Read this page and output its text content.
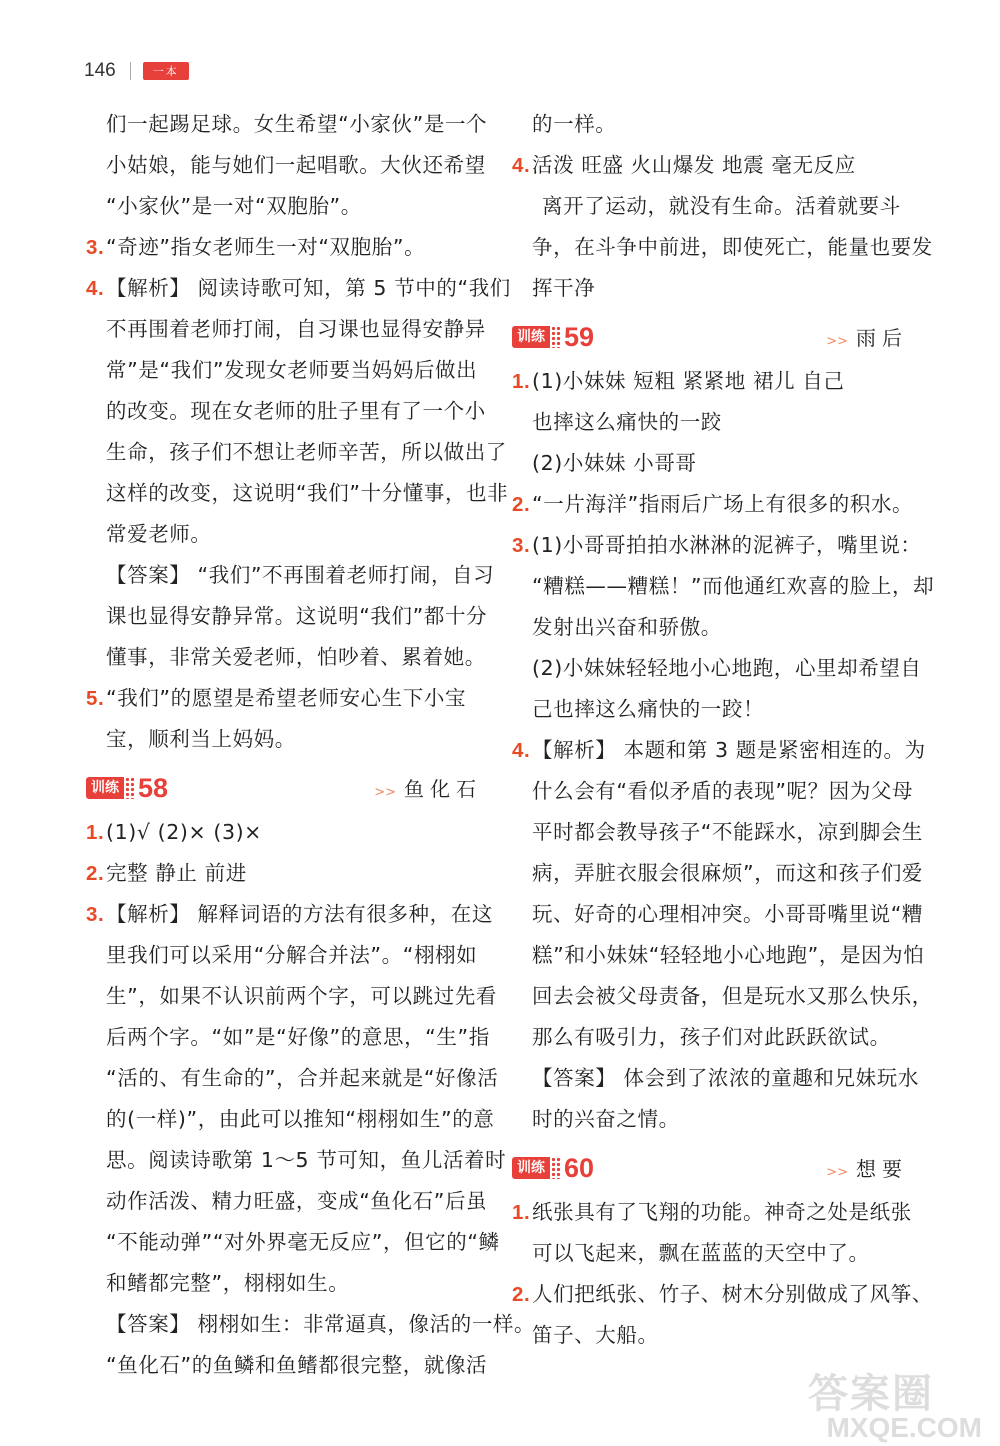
146	一本
们一起踢足球。女生希望“小家伙”是一个
小姑娘，能与她们一起唱歌。大伙还希望
“小家伙”是一对“双胞胎”。
3.“奇迹”指女老师生一对“双胞胎”。
4.【解析】 阅读诗歌可知，第 5 节中的“我们
不再围着老师打闹，自习课也显得安静异
常”是“我们”发现女老师要当妈妈后做出
的改变。现在女老师的肚子里有了一个小
生命，孩子们不想让老师辛苦，所以做出了
这样的改变，这说明“我们”十分懂事，也非
常爱老师。
【答案】 “我们”不再围着老师打闹，自习
课也显得安静异常。这说明“我们”都十分
懂事，非常关爱老师，怕吵着、累着她。
5.“我们”的愿望是希望老师安心生下小宝
宝，顺利当上妈妈。
训练 58	>> 鱼化石
1.(1)√ (2)× (3)×
2.完整 静止 前进
3.【解析】 解释词语的方法有很多种，在这
里我们可以采用“分解合并法”。“栩栩如
生”，如果不认识前两个字，可以跳过先看
后两个字。“如”是“好像”的意思，“生”指
“活的、有生命的”，合并起来就是“好像活
的(一样)”，由此可以推知“栩栩如生”的意
思。阅读诗歌第 1～5 节可知，鱼儿活着时
动作活泼、精力旺盛，变成“鱼化石”后虽
“不能动弹”“对外界毫无反应”，但它的“鳞
和鳍都完整”，栩栩如生。
【答案】 栩栩如生：非常逼真，像活的一样。
“鱼化石”的鱼鳞和鱼鳍都很完整，就像活
的一样。
4.活泼 旺盛 火山爆发 地震 毫无反应
离开了运动，就没有生命。活着就要斗
争，在斗争中前进，即使死亡，能量也要发
挥干净
训练 59	>> 雨后
1.(1)小妹妹 短粗 紧紧地 裙儿 自己
也摔这么痛快的一跤
(2)小妹妹 小哥哥
2.“一片海洋”指雨后广场上有很多的积水。
3.(1)小哥哥拍拍水淋淋的泥裤子，嘴里说：
“糟糕——糟糕！”而他通红欢喜的脸上，却
发射出兴奋和骄傲。
(2)小妹妹轻轻地小心地跑，心里却希望自
己也摔这么痛快的一跤！
4.【解析】 本题和第 3 题是紧密相连的。为
什么会有“看似矛盾的表现”呢？因为父母
平时都会教导孩子“不能踩水，凉到脚会生
病，弄脏衣服会很麻烦”，而这和孩子们爱
玩、好奇的心理相冲突。小哥哥嘴里说“糟
糕”和小妹妹“轻轻地小心地跑”，是因为怕
回去会被父母责备，但是玩水又那么快乐，
那么有吸引力，孩子们对此跃跃欲试。
【答案】 体会到了浓浓的童趣和兄妹玩水
时的兴奋之情。
训练 60	>> 想要
1.纸张具有了飞翔的功能。神奇之处是纸张
可以飞起来，飘在蓝蓝的天空中了。
2.人们把纸张、竹子、树木分别做成了风筝、
笛子、大船。
答案圈
MXQE.COM
